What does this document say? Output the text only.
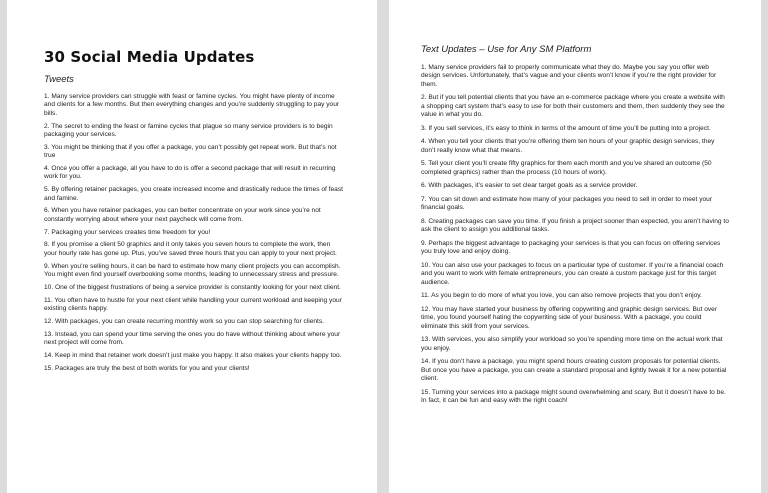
30 Social Media Updates
Tweets

1. Many service providers can struggle with feast or famine cycles. You might have plenty of income and clients for a few months. But then everything changes and you’re suddenly struggling to pay your bills.

2. The secret to ending the feast or famine cycles that plague so many service providers is to begin packaging your services.

3. You might be thinking that if you offer a package, you can’t possibly get repeat work. But that’s not true

4. Once you offer a package, all you have to do is offer a second package that will result in recurring work for you.

5. By offering retainer packages, you create increased income and drastically reduce the times of feast and famine.

6. When you have retainer packages, you can better concentrate on your work since you’re not constantly worrying about where your next paycheck will come from.

7. Packaging your services creates time freedom for you!

8. If you promise a client 50 graphics and it only takes you seven hours to complete the work, then your hourly rate has gone up. Plus, you’ve saved three hours that you can apply to your next project.

9. When you’re selling hours, it can be hard to estimate how many client projects you can accomplish. You might even find yourself overbooking some months, leading to unnecessary stress and pressure.

10. One of the biggest frustrations of being a service provider is constantly looking for your next client.

11. You often have to hustle for your next client while handling your current workload and keeping your existing clients happy.

12. With packages, you can create recurring monthly work so you can stop searching for clients.

13. Instead, you can spend your time serving the ones you do have without thinking about where your next project will come from.

14. Keep in mind that retainer work doesn’t just make you happy. It also makes your clients happy too.

15. Packages are truly the best of both worlds for you and your clients!

Text Updates – Use for Any SM Platform

1. Many service providers fail to properly communicate what they do. Maybe you say you offer web design services. Unfortunately, that’s vague and your clients won’t know if you’re the right provider for them.

2. But if you tell potential clients that you have an e-commerce package where you create a website with a shopping cart system that’s easy to use for both their customers and them, then suddenly they see the value in what you do.

3. If you sell services, it’s easy to think in terms of the amount of time you’ll be putting into a project.

4. When you tell your clients that you’re offering them ten hours of your graphic design services, they don’t really know what that means.

5. Tell your client you’ll create fifty graphics for them each month and you’ve shared an outcome (50 completed graphics) rather than the process (10 hours of work).

6. With packages, it’s easier to set clear target goals as a service provider.

7. You can sit down and estimate how many of your packages you need to sell in order to meet your financial goals.

8. Creating packages can save you time. If you finish a project sooner than expected, you aren’t having to ask the client to assign you additional tasks.

9. Perhaps the biggest advantage to packaging your services is that you can focus on offering services you truly love and enjoy doing.

10. You can also use your packages to focus on a particular type of customer. If you’re a financial coach and you want to work with female entrepreneurs, you can create a custom package just for this target audience.

11. As you begin to do more of what you love, you can also remove projects that you don’t enjoy.

12. You may have started your business by offering copywriting and graphic design services. But over time, you found yourself hating the copywriting side of your business. With a package, you could eliminate this skill from your services.

13. With services, you also simplify your workload so you’re spending more time on the actual work that you enjoy.

14. If you don’t have a package, you might spend hours creating custom proposals for potential clients. But once you have a package, you can create a standard proposal and lightly tweak it for a new potential client.

15. Turning your services into a package might sound overwhelming and scary. But it doesn’t have to be. In fact, it can be fun and easy with the right coach!
